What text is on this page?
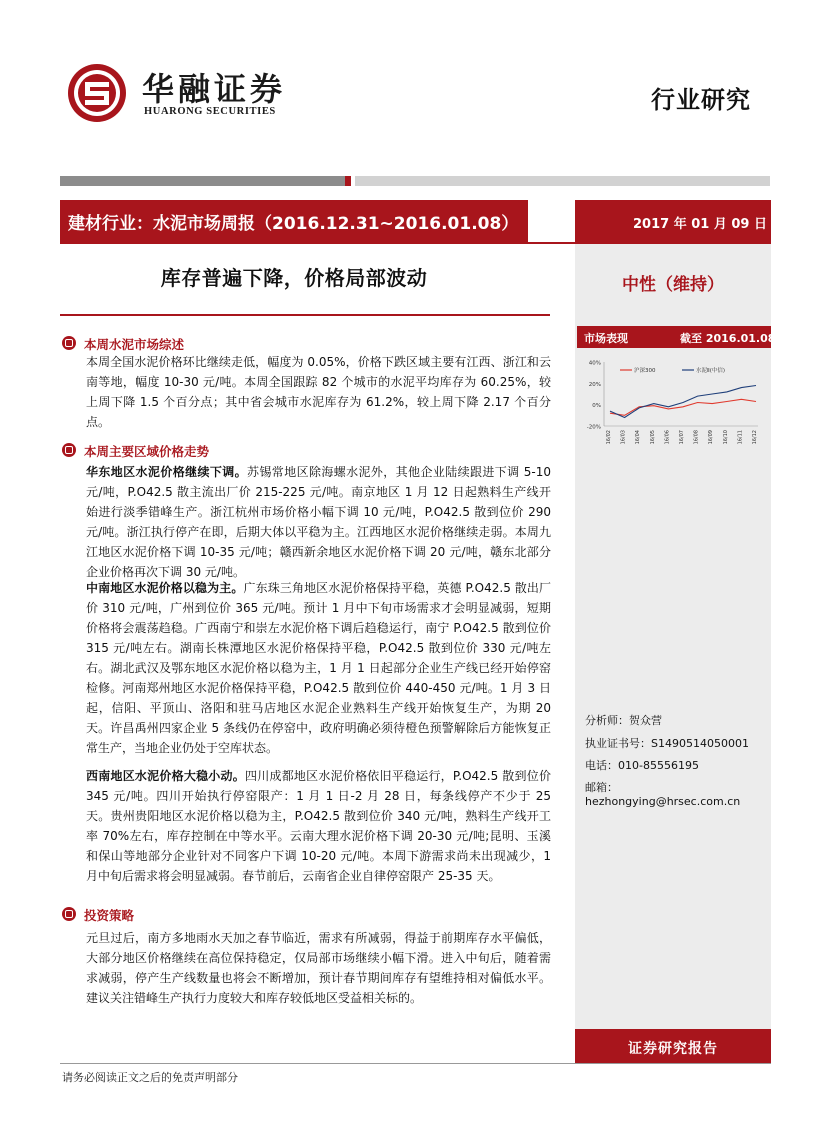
华融证券
HUARONG SECURITIES	行业研究
建材行业：水泥市场周报（2016.12.31~2016.01.08）	2017 年 01 月 09 日
中性（维持）
库存普遍下降，价格局部波动
市场表现	截至 2016.01.08
40%
20%
0%
-20%
16/02 16/03 16/04 16/05 16/06 16/07 16/08 16/09 16/10 16/11 16/12
沪深300	水泥Ⅱ(中信)
本周水泥市场综述
本周全国水泥价格环比继续走低，幅度为 0.05%，价格下跌区域主要有江西、浙江和云南等地，幅度 10-30 元/吨。本周全国跟踪 82 个城市的水泥平均库存为 60.25%，较上周下降 1.5 个百分点；其中省会城市水泥库存为 61.2%，较上周下降 2.17 个百分点。
本周主要区域价格走势
华东地区水泥价格继续下调。苏锡常地区除海螺水泥外，其他企业陆续跟进下调 5-10 元/吨，P.O42.5 散主流出厂价 215-225 元/吨。南京地区 1 月 12 日起熟料生产线开始进行淡季错峰生产。浙江杭州市场价格小幅下调 10 元/吨，P.O42.5 散到位价 290 元/吨。浙江执行停产在即，后期大体以平稳为主。江西地区水泥价格继续走弱。本周九江地区水泥价格下调 10-35 元/吨；赣西新余地区水泥价格下调 20 元/吨，赣东北部分企业价格再次下调 30 元/吨。
中南地区水泥价格以稳为主。广东珠三角地区水泥价格保持平稳，英德 P.O42.5 散出厂价 310 元/吨，广州到位价 365 元/吨。预计 1 月中下旬市场需求才会明显减弱，短期价格将会震荡趋稳。广西南宁和崇左水泥价格下调后趋稳运行，南宁 P.O42.5 散到位价 315 元/吨左右。湖南长株潭地区水泥价格保持平稳，P.O42.5 散到位价 330 元/吨左右。湖北武汉及鄂东地区水泥价格以稳为主，1 月 1 日起部分企业生产线已经开始停窑检修。河南郑州地区水泥价格保持平稳，P.O42.5 散到位价 440-450 元/吨。1 月 3 日起，信阳、平顶山、洛阳和驻马店地区水泥企业熟料生产线开始恢复生产，为期 20 天。许昌禹州四家企业 5 条线仍在停窑中，政府明确必须待橙色预警解除后方能恢复正常生产，当地企业仍处于空库状态。
西南地区水泥价格大稳小动。四川成都地区水泥价格依旧平稳运行，P.O42.5 散到位价 345 元/吨。四川开始执行停窑限产：1 月 1 日-2 月 28 日，每条线停产不少于 25 天。贵州贵阳地区水泥价格以稳为主，P.O42.5 散到位价 340 元/吨，熟料生产线开工率 70%左右，库存控制在中等水平。云南大理水泥价格下调 20-30 元/吨;昆明、玉溪和保山等地部分企业针对不同客户下调 10-20 元/吨。本周下游需求尚未出现减少，1 月中旬后需求将会明显减弱。春节前后，云南省企业自律停窑限产 25-35 天。
投资策略
元旦过后，南方多地雨水天加之春节临近，需求有所减弱，得益于前期库存水平偏低，大部分地区价格继续在高位保持稳定，仅局部市场继续小幅下滑。进入中旬后，随着需求减弱，停产生产线数量也将会不断增加，预计春节期间库存有望维持相对偏低水平。建议关注错峰生产执行力度较大和库存较低地区受益相关标的。
分析师：贺众营
执业证书号：S1490514050001
电话：010-85556195
邮箱：hezhongying@hrsec.com.cn
证券研究报告
请务必阅读正文之后的免责声明部分
